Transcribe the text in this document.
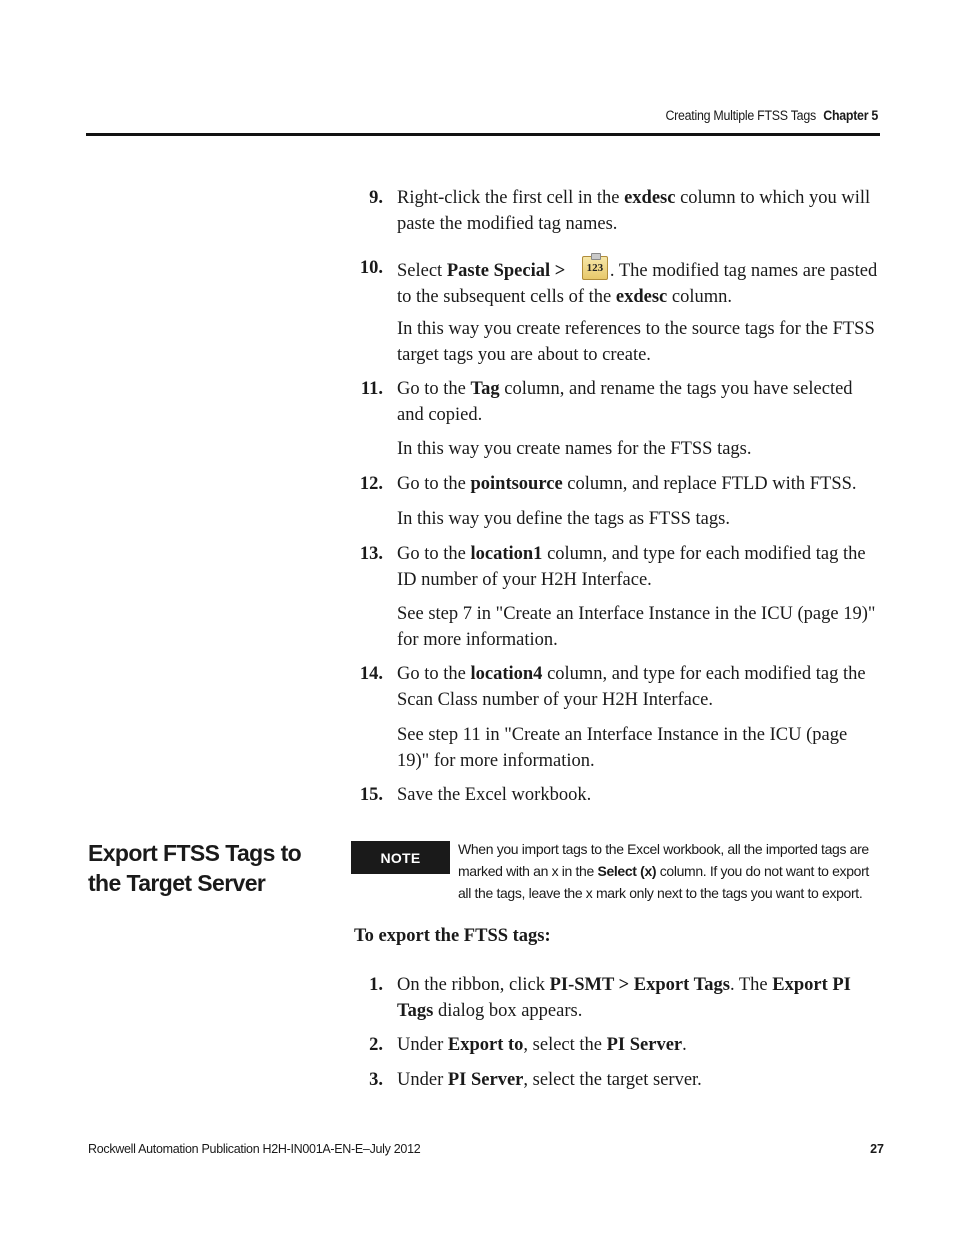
Creating Multiple FTSS Tags Chapter 5
9. Right-click the first cell in the exdesc column to which you will paste the modified tag names.
10. Select Paste Special >	123 . The modified tag names are pasted to the subsequent cells of the exdesc column.
In this way you create references to the source tags for the FTSS target tags you are about to create.
11. Go to the Tag column, and rename the tags you have selected and copied.
In this way you create names for the FTSS tags.
12. Go to the pointsource column, and replace FTLD with FTSS.
In this way you define the tags as FTSS tags.
13. Go to the location1 column, and type for each modified tag the ID number of your H2H Interface.
See step 7 in "Create an Interface Instance in the ICU (page 19)" for more information.
14. Go to the location4 column, and type for each modified tag the Scan Class number of your H2H Interface.
See step 11 in "Create an Interface Instance in the ICU (page 19)" for more information.
15. Save the Excel workbook.
Export FTSS Tags to the Target Server
NOTE
When you import tags to the Excel workbook, all the imported tags are marked with an x in the Select (x) column. If you do not want to export all the tags, leave the x mark only next to the tags you want to export.
To export the FTSS tags:
1. On the ribbon, click PI-SMT > Export Tags. The Export PI Tags dialog box appears.
2. Under Export to, select the PI Server.
3. Under PI Server, select the target server.
Rockwell Automation Publication H2H-IN001A-EN-E–July 2012	27
